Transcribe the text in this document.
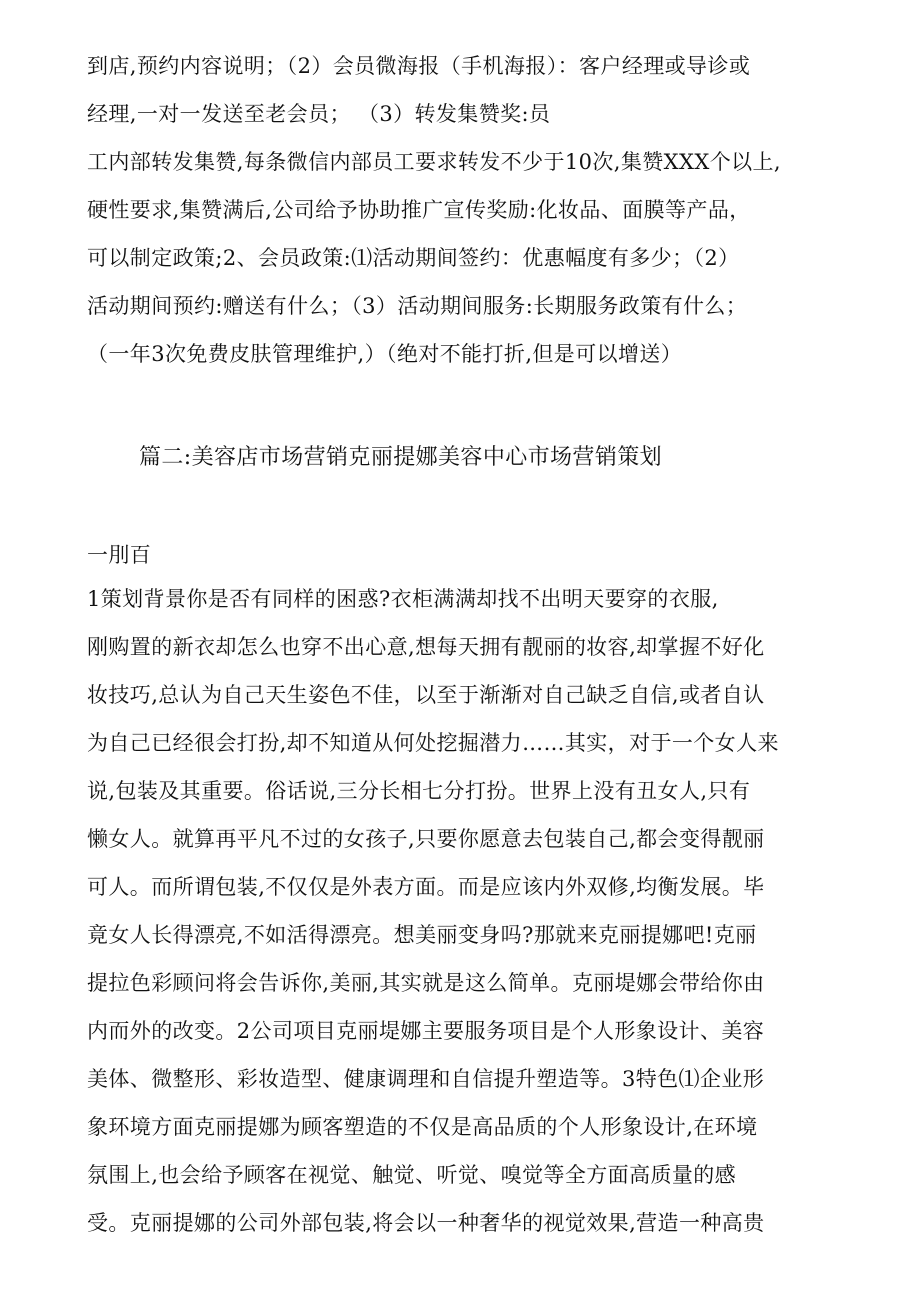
到店,预约内容说明；（2）会员微海报（手机海报）：客户经理或导诊或
经理,一对一发送至老会员； （3）转发集赞奖:员
工内部转发集赞,每条微信内部员工要求转发不少于10次,集赞XXX个以上,
硬性要求,集赞满后,公司给予协助推广宣传奖励:化妆品、面膜等产品，
可以制定政策;2、会员政策:⑴活动期间签约：优惠幅度有多少；（2）
活动期间预约:赠送有什么；（3）活动期间服务:长期服务政策有什么；
（一年3次免费皮肤管理维护,）（绝对不能打折,但是可以增送）
篇二:美容店市场营销克丽提娜美容中心市场营销策划
一刖百
1策划背景你是否有同样的困惑?衣柜满满却找不出明天要穿的衣服,
刚购置的新衣却怎么也穿不出心意,想每天拥有靓丽的妆容,却掌握不好化
妆技巧,总认为自己天生姿色不佳，以至于渐渐对自己缺乏自信,或者自认
为自己已经很会打扮,却不知道从何处挖掘潜力……其实，对于一个女人来
说,包装及其重要。俗话说,三分长相七分打扮。世界上没有丑女人,只有
懒女人。就算再平凡不过的女孩子,只要你愿意去包装自己,都会变得靓丽
可人。而所谓包装,不仅仅是外表方面。而是应该内外双修,均衡发展。毕
竟女人长得漂亮,不如活得漂亮。想美丽变身吗?那就来克丽提娜吧!克丽
提拉色彩顾问将会告诉你,美丽,其实就是这么简单。克丽堤娜会带给你由
内而外的改变。2公司项目克丽堤娜主要服务项目是个人形象设计、美容
美体、微整形、彩妆造型、健康调理和自信提升塑造等。3特色⑴企业形
象环境方面克丽提娜为顾客塑造的不仅是高品质的个人形象设计,在环境
氛围上,也会给予顾客在视觉、触觉、听觉、嗅觉等全方面高质量的感
受。克丽提娜的公司外部包装,将会以一种奢华的视觉效果,营造一种高贵
